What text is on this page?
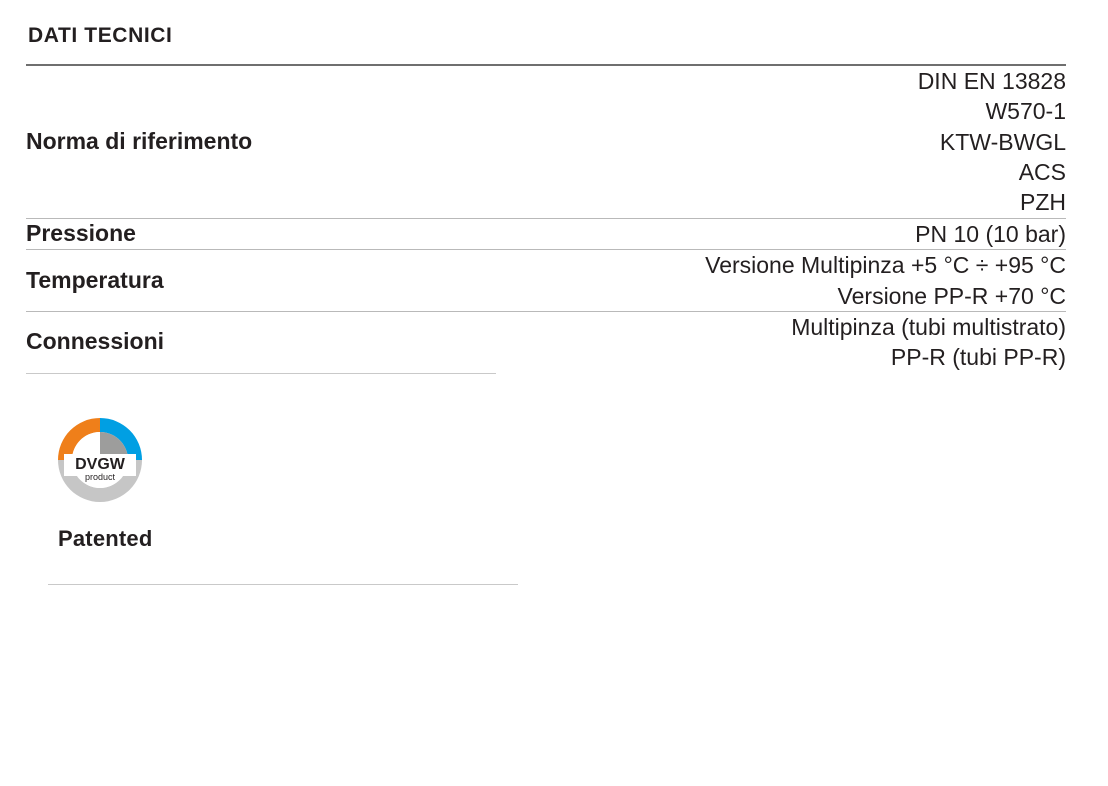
DATI TECNICI
Norma di riferimento	DIN EN 13828
W570-1
KTW-BWGL
ACS
PZH

Pressione	PN 10 (10 bar)

Temperatura	Versione Multipinza +5 °C ÷ +95 °C
Versione PP-R +70 °C

Connessioni	Multipinza (tubi multistrato)
PP-R (tubi PP-R)
DVGW
product
Patented
